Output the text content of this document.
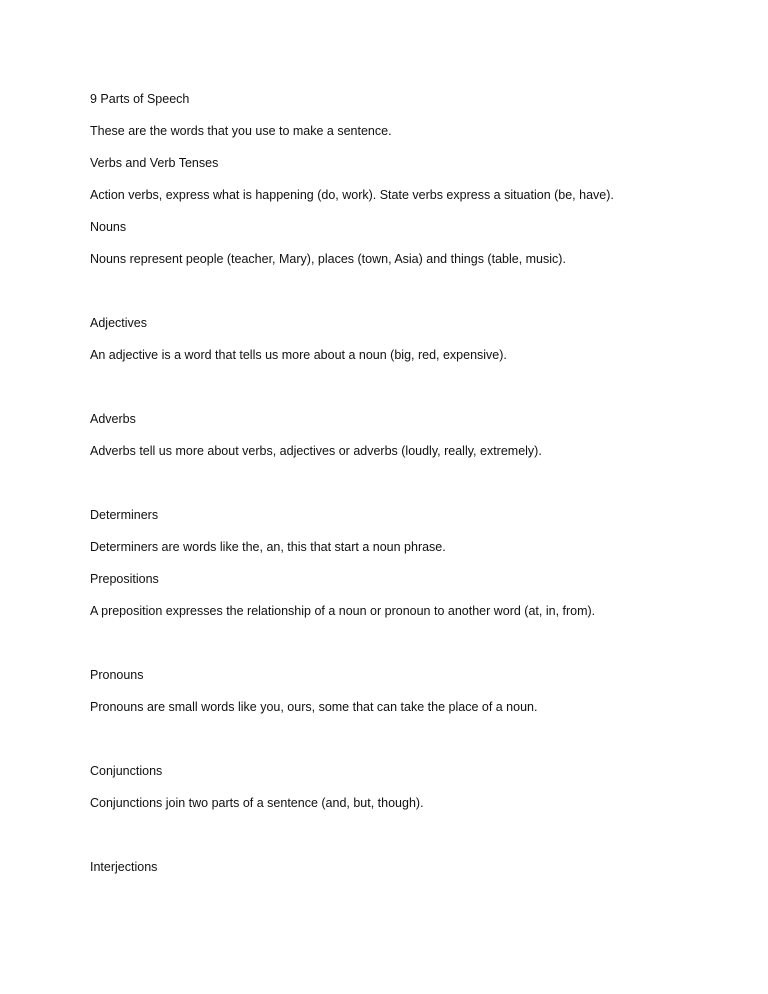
9 Parts of Speech
These are the words that you use to make a sentence.
Verbs and Verb Tenses
Action verbs, express what is happening (do, work). State verbs express a situation (be, have).
Nouns
Nouns represent people (teacher, Mary), places (town, Asia) and things (table, music).
Adjectives
An adjective is a word that tells us more about a noun (big, red, expensive).
Adverbs
Adverbs tell us more about verbs, adjectives or adverbs (loudly, really, extremely).
Determiners
Determiners are words like the, an, this that start a noun phrase.
Prepositions
A preposition expresses the relationship of a noun or pronoun to another word (at, in, from).
Pronouns
Pronouns are small words like you, ours, some that can take the place of a noun.
Conjunctions
Conjunctions join two parts of a sentence (and, but, though).
Interjections
